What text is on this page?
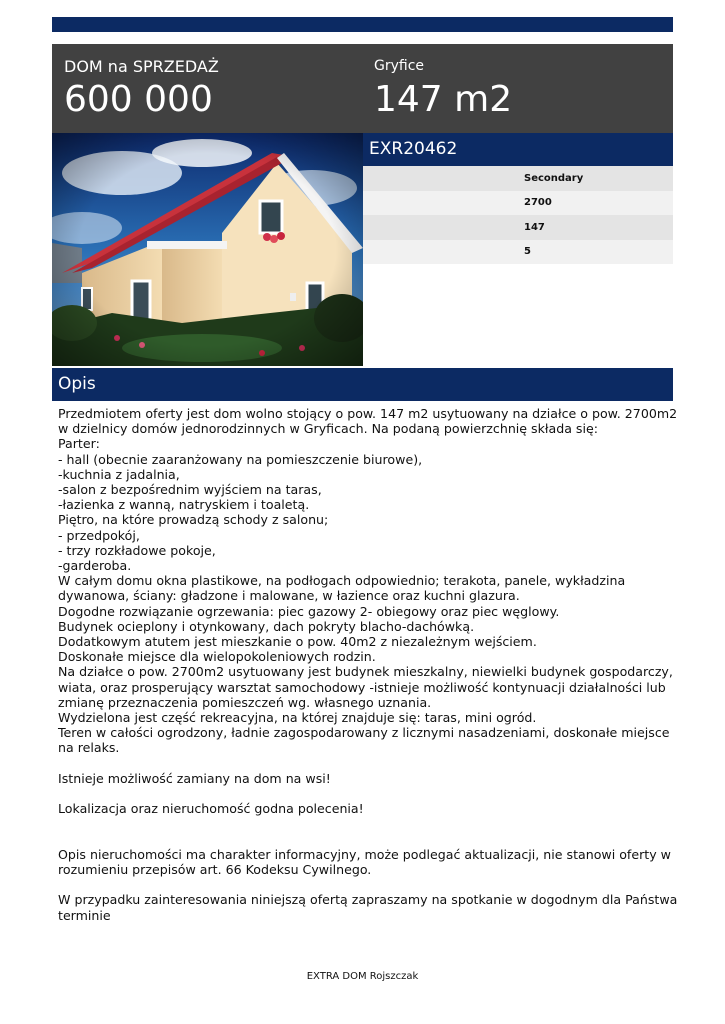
DOM na SPRZEDAŻ
600 000
Gryfice
147 m2
EXR20462
Secondary
2700
147
5
Opis
Przedmiotem oferty jest dom wolno stojący o pow. 147 m2 usytuowany na działce o pow. 2700m2
w dzielnicy domów jednorodzinnych w Gryficach. Na podaną powierzchnię składa się:
Parter:
- hall (obecnie zaaranżowany na pomieszczenie biurowe),
-kuchnia z jadalnia,
-salon z bezpośrednim wyjściem na taras,
-łazienka z wanną, natryskiem i toaletą.
Piętro, na które prowadzą schody z salonu;
- przedpokój,
- trzy rozkładowe pokoje,
-garderoba.
W całym domu okna plastikowe, na podłogach odpowiednio; terakota, panele, wykładzina
dywanowa, ściany: gładzone i malowane, w łazience oraz kuchni glazura.
Dogodne rozwiązanie ogrzewania: piec gazowy 2- obiegowy oraz piec węglowy.
Budynek ocieplony i otynkowany, dach pokryty blacho-dachówką.
Dodatkowym atutem jest mieszkanie o pow. 40m2 z niezależnym wejściem.
Doskonałe miejsce dla wielopokoleniowych rodzin.
Na działce o pow. 2700m2 usytuowany jest budynek mieszkalny, niewielki budynek gospodarczy,
wiata, oraz prosperujący warsztat samochodowy -istnieje możliwość kontynuacji działalności lub
zmianę przeznaczenia pomieszczeń wg. własnego uznania.
Wydzielona jest część rekreacyjna, na której znajduje się: taras, mini ogród.
Teren w całości ogrodzony, ładnie zagospodarowany z licznymi nasadzeniami, doskonałe miejsce
na relaks.
Istnieje możliwość zamiany na dom na wsi!
Lokalizacja oraz nieruchomość godna polecenia!
Opis nieruchomości ma charakter informacyjny, może podlegać aktualizacji, nie stanowi oferty w
rozumieniu przepisów art. 66 Kodeksu Cywilnego.
W przypadku zainteresowania niniejszą ofertą zapraszamy na spotkanie w dogodnym dla Państwa
terminie
EXTRA DOM Rojszczak
